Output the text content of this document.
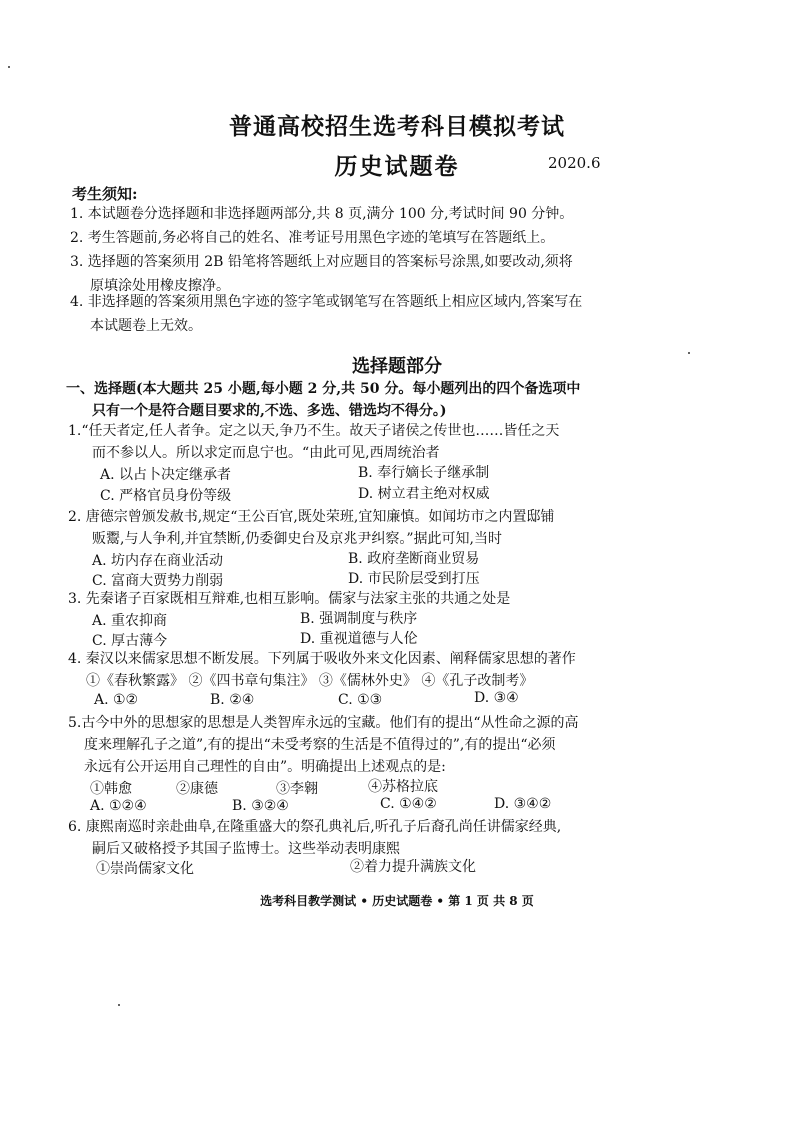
普通高校招生选考科目模拟考试
历史试题卷	2020.6
考生须知:
1. 本试题卷分选择题和非选择题两部分,共 8 页,满分 100 分,考试时间 90 分钟。
2. 考生答题前,务必将自己的姓名、准考证号用黑色字迹的笔填写在答题纸上。
3. 选择题的答案须用 2B 铅笔将答题纸上对应题目的答案标号涂黑,如要改动,须将
原填涂处用橡皮擦净。
4. 非选择题的答案须用黑色字迹的签字笔或钢笔写在答题纸上相应区域内,答案写在
本试题卷上无效。
选择题部分
一、选择题(本大题共 25 小题,每小题 2 分,共 50 分。每小题列出的四个备选项中
只有一个是符合题目要求的,不选、多选、错选均不得分。)
1.“任天者定,任人者争。定之以天,争乃不生。故天子诸侯之传世也……皆任之天
而不参以人。所以求定而息宁也。“由此可见,西周统治者
A. 以占卜决定继承者	B. 奉行嫡长子继承制
C. 严格官员身份等级	D. 树立君主绝对权威
2. 唐德宗曾颁发赦书,规定“王公百官,既处荣班,宜知廉慎。如闻坊市之内置邸铺
贩鬻,与人争利,并宜禁断,仍委御史台及京兆尹纠察。”据此可知,当时
A. 坊内存在商业活动	B. 政府垄断商业贸易
C. 富商大贾势力削弱	D. 市民阶层受到打压
3. 先秦诸子百家既相互辩难,也相互影响。儒家与法家主张的共通之处是
A. 重农抑商	B. 强调制度与秩序
C. 厚古薄今	D. 重视道德与人伦
4. 秦汉以来儒家思想不断发展。下列属于吸收外来文化因素、阐释儒家思想的著作
①《春秋繁露》 ②《四书章句集注》 ③《儒林外史》 ④《孔子改制考》
A. ①②	B. ②④	C. ①③	D. ③④
5.古今中外的思想家的思想是人类智库永远的宝藏。他们有的提出“从性命之源的高
度来理解孔子之道”,有的提出“未受考察的生活是不值得过的”,有的提出“必须
永远有公开运用自己理性的自由”。明确提出上述观点的是:
①韩愈	②康德	③李翱	④苏格拉底
A. ①②④	B. ③②④	C. ①④②	D. ③④②
6. 康熙南巡时亲赴曲阜,在隆重盛大的祭孔典礼后,听孔子后裔孔尚任讲儒家经典,
嗣后又破格授予其国子监博士。这些举动表明康熙
①崇尚儒家文化	②着力提升满族文化
选考科目教学测试 • 历史试题卷 • 第 1 页 共 8 页
